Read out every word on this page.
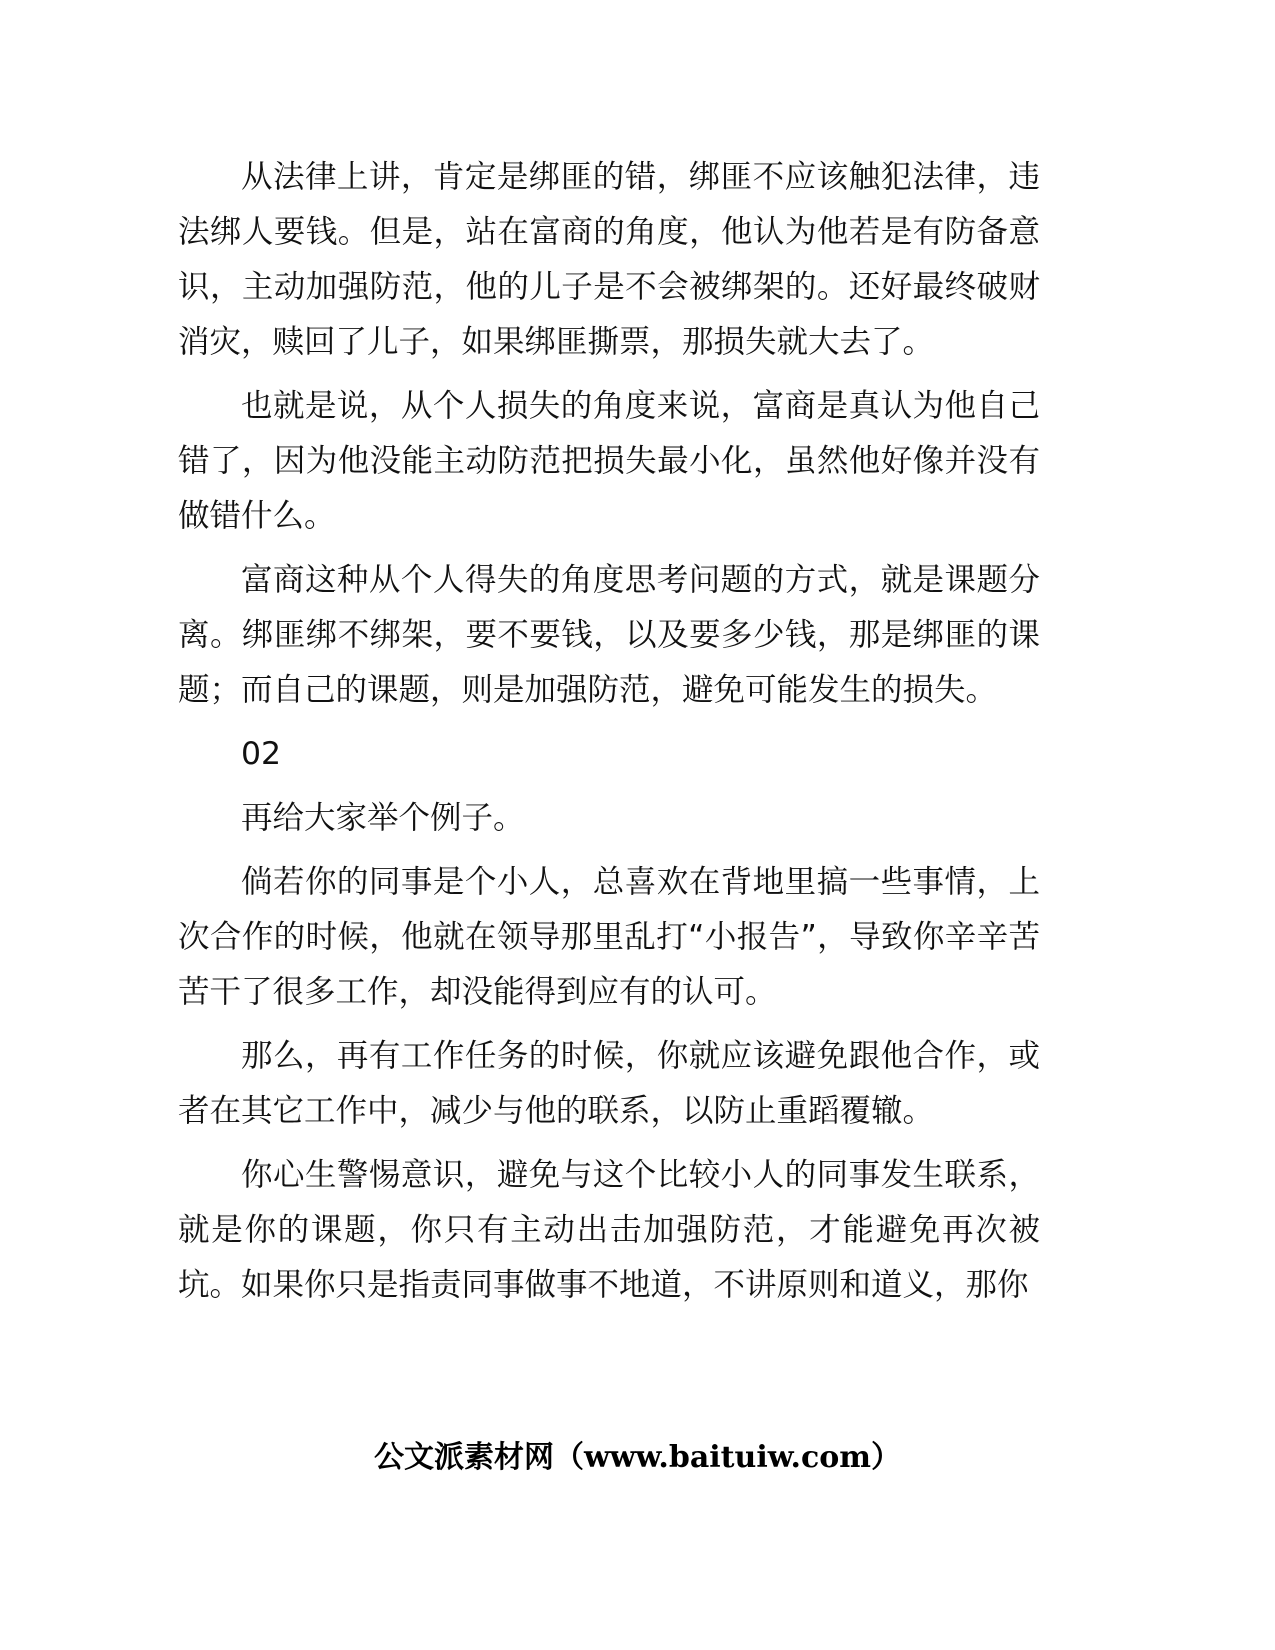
从法律上讲，肯定是绑匪的错，绑匪不应该触犯法律，违法绑人要钱。但是，站在富商的角度，他认为他若是有防备意识，主动加强防范，他的儿子是不会被绑架的。还好最终破财消灾，赎回了儿子，如果绑匪撕票，那损失就大去了。

也就是说，从个人损失的角度来说，富商是真认为他自己错了，因为他没能主动防范把损失最小化，虽然他好像并没有做错什么。

富商这种从个人得失的角度思考问题的方式，就是课题分离。绑匪绑不绑架，要不要钱，以及要多少钱，那是绑匪的课题；而自己的课题，则是加强防范，避免可能发生的损失。

02

再给大家举个例子。

倘若你的同事是个小人，总喜欢在背地里搞一些事情，上次合作的时候，他就在领导那里乱打“小报告”，导致你辛辛苦苦干了很多工作，却没能得到应有的认可。

那么，再有工作任务的时候，你就应该避免跟他合作，或者在其它工作中，减少与他的联系，以防止重蹈覆辙。

你心生警惕意识，避免与这个比较小人的同事发生联系，就是你的课题，你只有主动出击加强防范，才能避免再次被坑。如果你只是指责同事做事不地道，不讲原则和道义，那你

公文派素材网（www.baituiw.com）
